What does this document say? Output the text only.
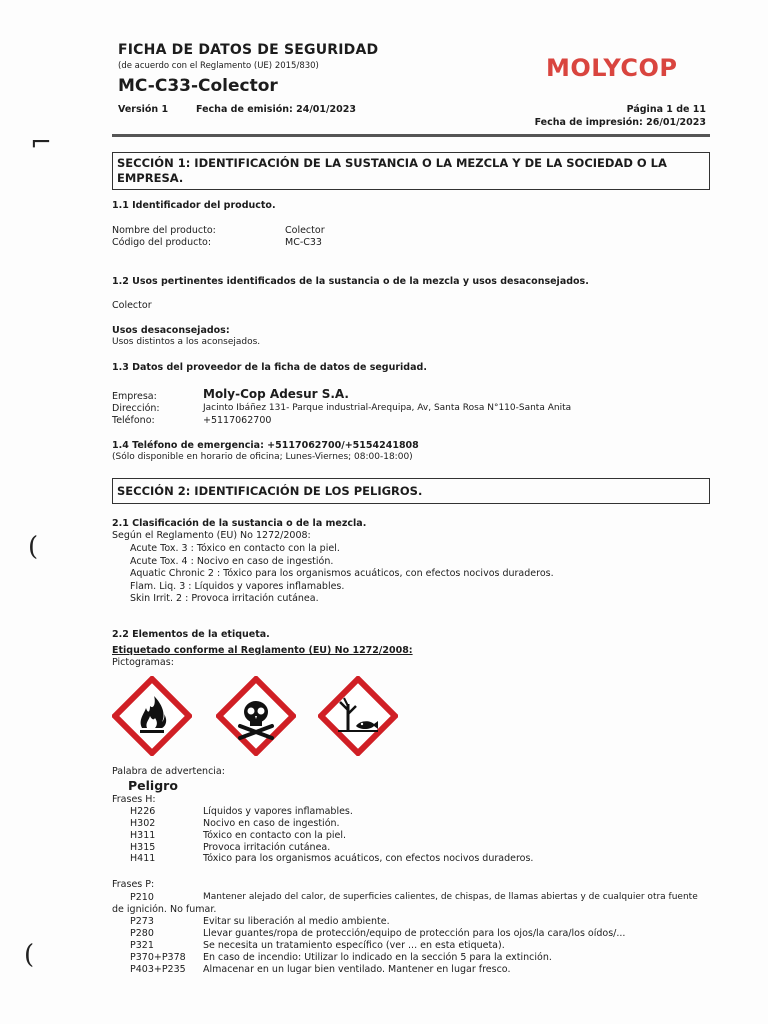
⌐
(
(
FICHA DE DATOS DE SEGURIDAD
(de acuerdo con el Reglamento (UE) 2015/830)
MC-C33-Colector
MOLYCOP
Versión 1	Fecha de emisión: 24/01/2023	Página 1 de 11
Fecha de impresión: 26/01/2023
SECCIÓN 1: IDENTIFICACIÓN DE LA SUSTANCIA O LA MEZCLA Y DE LA SOCIEDAD O LA EMPRESA.
1.1 Identificador del producto.
Nombre del producto:	Colector
Código del producto:	MC-C33
1.2 Usos pertinentes identificados de la sustancia o de la mezcla y usos desaconsejados.
Colector
Usos desaconsejados:
Usos distintos a los aconsejados.
1.3 Datos del proveedor de la ficha de datos de seguridad.
Empresa:	Moly-Cop Adesur S.A.
Dirección:	Jacinto Ibáñez 131- Parque industrial-Arequipa, Av, Santa Rosa N°110-Santa Anita
Teléfono:	+5117062700
1.4 Teléfono de emergencia: +5117062700/+5154241808
(Sólo disponible en horario de oficina; Lunes-Viernes; 08:00-18:00)
SECCIÓN 2: IDENTIFICACIÓN DE LOS PELIGROS.
2.1 Clasificación de la sustancia o de la mezcla.
Según el Reglamento (EU) No 1272/2008:
Acute Tox. 3 : Tóxico en contacto con la piel.
Acute Tox. 4 : Nocivo en caso de ingestión.
Aquatic Chronic 2 : Tóxico para los organismos acuáticos, con efectos nocivos duraderos.
Flam. Liq. 3 : Líquidos y vapores inflamables.
Skin Irrit. 2 : Provoca irritación cutánea.
2.2 Elementos de la etiqueta.
Etiquetado conforme al Reglamento (EU) No 1272/2008:
Pictogramas:
Palabra de advertencia:
Peligro
Frases H:
H226	Líquidos y vapores inflamables.
H302	Nocivo en caso de ingestión.
H311	Tóxico en contacto con la piel.
H315	Provoca irritación cutánea.
H411	Tóxico para los organismos acuáticos, con efectos nocivos duraderos.
Frases P:
P210	Mantener alejado del calor, de superficies calientes, de chispas, de llamas abiertas y de cualquier otra fuente
de ignición. No fumar.
P273	Evitar su liberación al medio ambiente.
P280	Llevar guantes/ropa de protección/equipo de protección para los ojos/la cara/los oídos/...
P321	Se necesita un tratamiento específico (ver ... en esta etiqueta).
P370+P378 En caso de incendio: Utilizar lo indicado en la sección 5 para la extinción.
P403+P235 Almacenar en un lugar bien ventilado. Mantener en lugar fresco.
